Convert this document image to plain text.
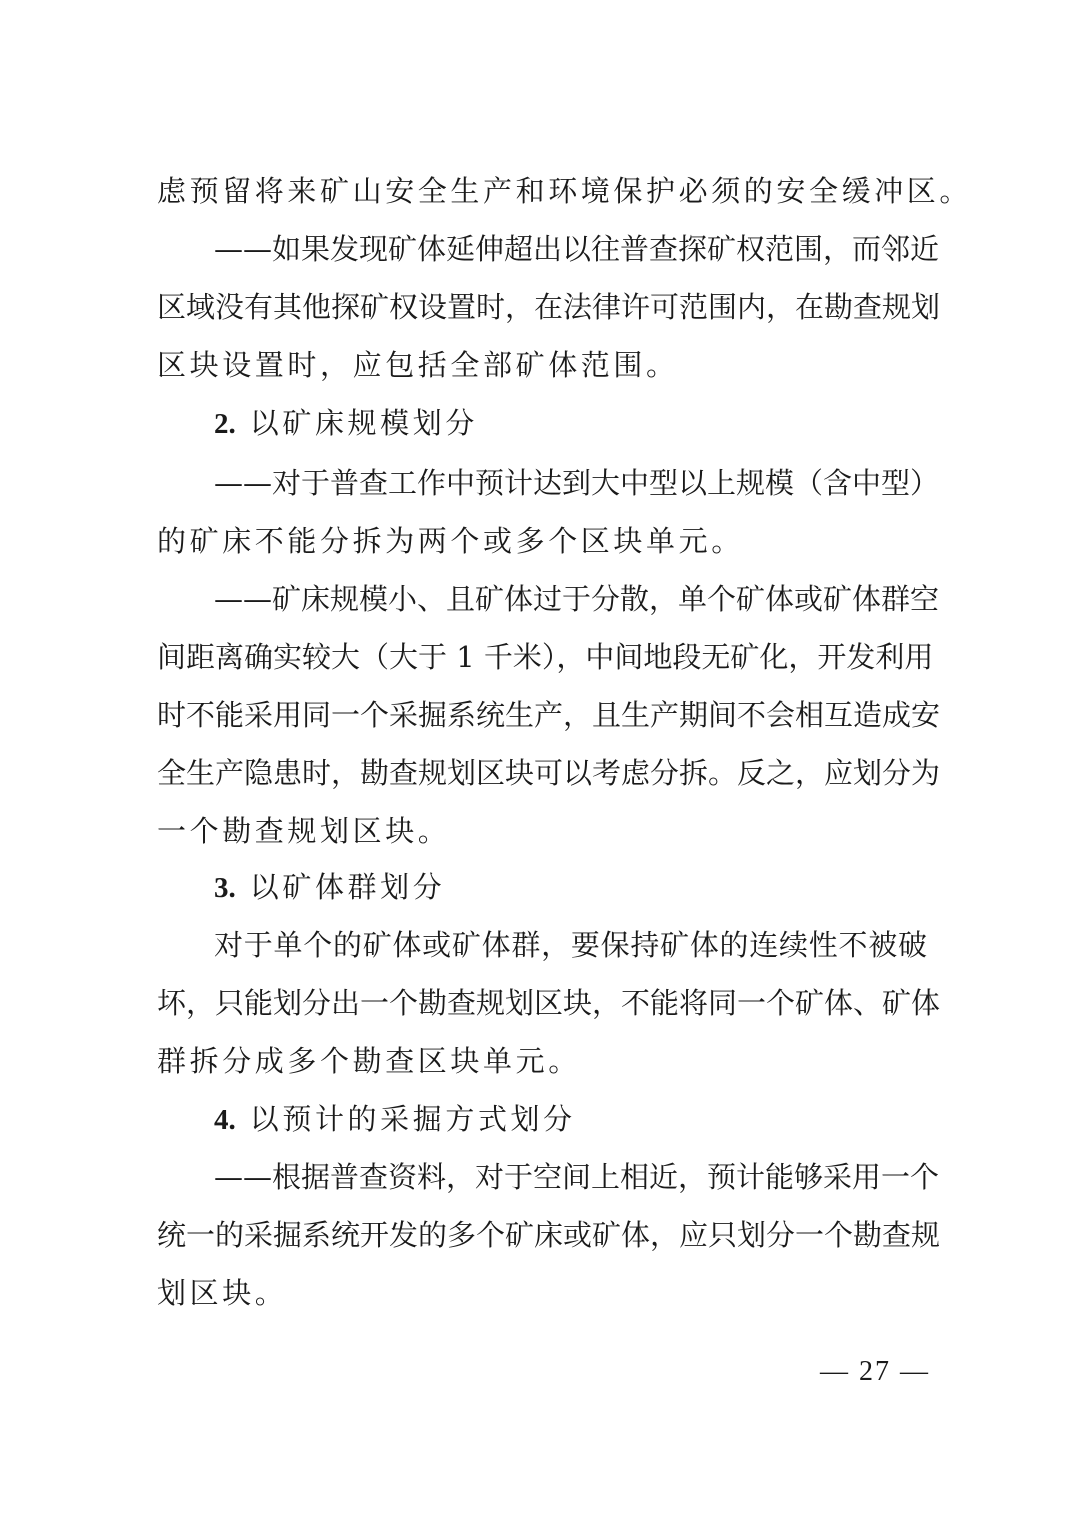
虑预留将来矿山安全生产和环境保护必须的安全缓冲区。
——如果发现矿体延伸超出以往普查探矿权范围，而邻近
区域没有其他探矿权设置时，在法律许可范围内，在勘查规划
区块设置时，应包括全部矿体范围。
2. 以矿床规模划分
——对于普查工作中预计达到大中型以上规模（含中型）
的矿床不能分拆为两个或多个区块单元。
——矿床规模小、且矿体过于分散，单个矿体或矿体群空
间距离确实较大（大于 1 千米），中间地段无矿化，开发利用
时不能采用同一个采掘系统生产，且生产期间不会相互造成安
全生产隐患时，勘查规划区块可以考虑分拆。反之，应划分为
一个勘查规划区块。
3. 以矿体群划分
对于单个的矿体或矿体群，要保持矿体的连续性不被破
坏，只能划分出一个勘查规划区块，不能将同一个矿体、矿体
群拆分成多个勘查区块单元。
4. 以预计的采掘方式划分
——根据普查资料，对于空间上相近，预计能够采用一个
统一的采掘系统开发的多个矿床或矿体，应只划分一个勘查规
划区块。
— 27 —
